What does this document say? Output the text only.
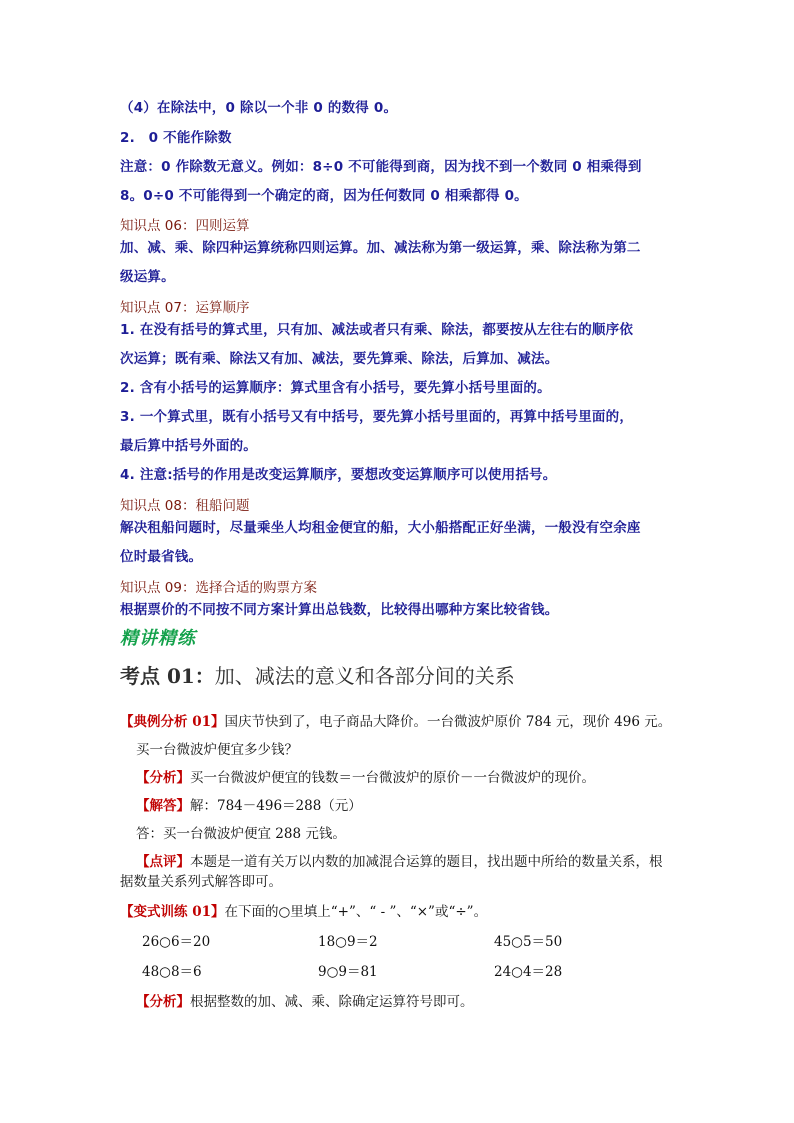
（4）在除法中，0 除以一个非 0 的数得 0。
2.　0 不能作除数
注意：0 作除数无意义。例如：8÷0 不可能得到商，因为找不到一个数同 0 相乘得到
8。0÷0 不可能得到一个确定的商，因为任何数同 0 相乘都得 0。
知识点 06：四则运算
加、减、乘、除四种运算统称四则运算。加、减法称为第一级运算，乘、除法称为第二
级运算。
知识点 07：运算顺序
1. 在没有括号的算式里，只有加、减法或者只有乘、除法，都要按从左往右的顺序依
次运算；既有乘、除法又有加、减法，要先算乘、除法，后算加、减法。
2. 含有小括号的运算顺序：算式里含有小括号，要先算小括号里面的。
3. 一个算式里，既有小括号又有中括号，要先算小括号里面的，再算中括号里面的，
最后算中括号外面的。
4. 注意:括号的作用是改变运算顺序，要想改变运算顺序可以使用括号。
知识点 08：租船问题
解决租船问题时，尽量乘坐人均租金便宜的船，大小船搭配正好坐满，一般没有空余座
位时最省钱。
知识点 09：选择合适的购票方案
根据票价的不同按不同方案计算出总钱数，比较得出哪种方案比较省钱。
精讲精练
考点 01：加、减法的意义和各部分间的关系
【典例分析 01】国庆节快到了，电子商品大降价。一台微波炉原价 784 元，现价 496 元。
买一台微波炉便宜多少钱？
【分析】买一台微波炉便宜的钱数＝一台微波炉的原价－一台微波炉的现价。
【解答】解：784－496＝288（元）
答：买一台微波炉便宜 288 元钱。
【点评】本题是一道有关万以内数的加减混合运算的题目，找出题中所给的数量关系，根
据数量关系列式解答即可。
【变式训练 01】在下面的○里填上“+”、“ - ”、“×”或“÷”。
26○6＝20	18○9＝2	45○5＝50
48○8＝6	9○9＝81	24○4＝28
【分析】根据整数的加、减、乘、除确定运算符号即可。
